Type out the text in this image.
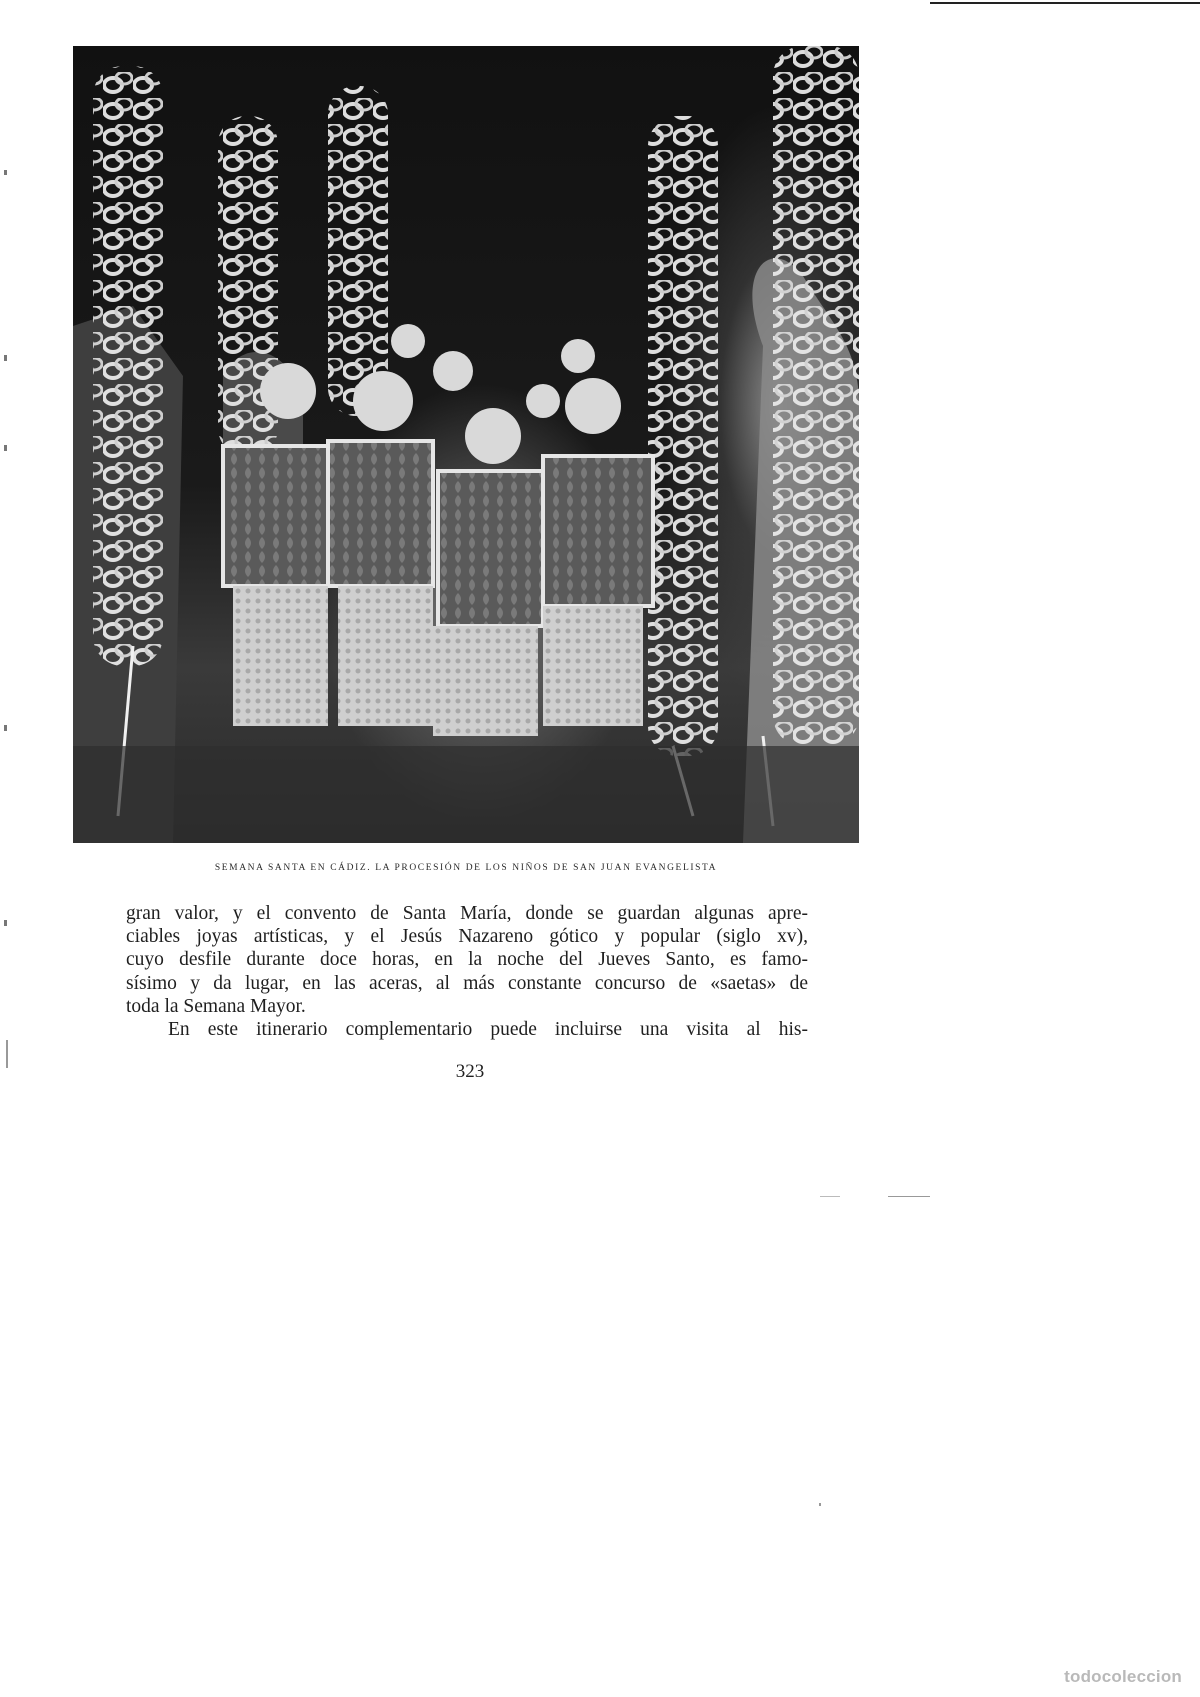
SEMANA SANTA EN CÁDIZ. LA PROCESIÓN DE LOS NIÑOS DE SAN JUAN EVANGELISTA

gran valor, y el convento de Santa María, donde se guardan algunas apre-

ciables joyas artísticas, y el Jesús Nazareno gótico y popular (siglo xv),

cuyo desfile durante doce horas, en la noche del Jueves Santo, es famo-

sísimo y da lugar, en las aceras, al más constante concurso de «saetas» de

toda la Semana Mayor.

En este itinerario complementario puede incluirse una visita al his-

323
todocoleccion
